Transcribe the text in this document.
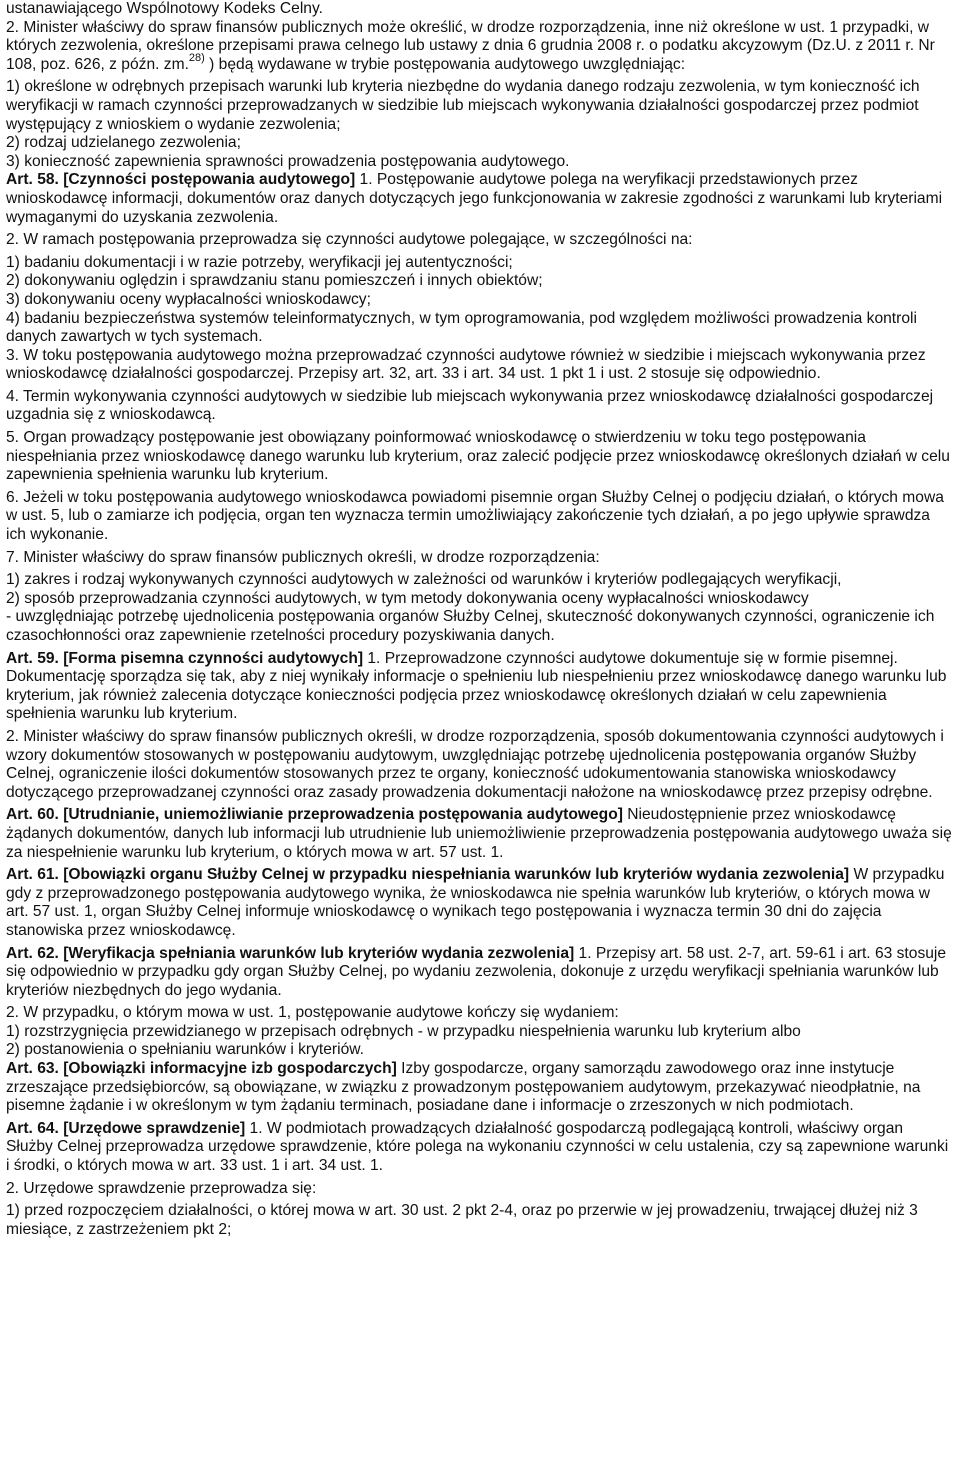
ustanawiającego Wspólnotowy Kodeks Celny.

2. Minister właściwy do spraw finansów publicznych może określić, w drodze rozporządzenia, inne niż określone w ust. 1 przypadki, w których zezwolenia, określone przepisami prawa celnego lub ustawy z dnia 6 grudnia 2008 r. o podatku akcyzowym (Dz.U. z 2011 r. Nr 108, poz. 626, z późn. zm.$^{28)}$ ) będą wydawane w trybie postępowania audytowego uwzględniając:

1) określone w odrębnych przepisach warunki lub kryteria niezbędne do wydania danego rodzaju zezwolenia, w tym konieczność ich weryfikacji w ramach czynności przeprowadzanych w siedzibie lub miejscach wykonywania działalności gospodarczej przez podmiot występujący z wnioskiem o wydanie zezwolenia;

2) rodzaj udzielanego zezwolenia;

3) konieczność zapewnienia sprawności prowadzenia postępowania audytowego.

Art. 58. [Czynności postępowania audytowego] 1. Postępowanie audytowe polega na weryfikacji przedstawionych przez wnioskodawcę informacji, dokumentów oraz danych dotyczących jego funkcjonowania w zakresie zgodności z warunkami lub kryteriami wymaganymi do uzyskania zezwolenia.

2. W ramach postępowania przeprowadza się czynności audytowe polegające, w szczególności na:

1) badaniu dokumentacji i w razie potrzeby, weryfikacji jej autentyczności;

2) dokonywaniu oględzin i sprawdzaniu stanu pomieszczeń i innych obiektów;

3) dokonywaniu oceny wypłacalności wnioskodawcy;

4) badaniu bezpieczeństwa systemów teleinformatycznych, w tym oprogramowania, pod względem możliwości prowadzenia kontroli danych zawartych w tych systemach.

3. W toku postępowania audytowego można przeprowadzać czynności audytowe również w siedzibie i miejscach wykonywania przez wnioskodawcę działalności gospodarczej. Przepisy art. 32, art. 33 i art. 34 ust. 1 pkt 1 i ust. 2 stosuje się odpowiednio.

4. Termin wykonywania czynności audytowych w siedzibie lub miejscach wykonywania przez wnioskodawcę działalności gospodarczej uzgadnia się z wnioskodawcą.

5. Organ prowadzący postępowanie jest obowiązany poinformować wnioskodawcę o stwierdzeniu w toku tego postępowania niespełniania przez wnioskodawcę danego warunku lub kryterium, oraz zalecić podjęcie przez wnioskodawcę określonych działań w celu zapewnienia spełnienia warunku lub kryterium.

6. Jeżeli w toku postępowania audytowego wnioskodawca powiadomi pisemnie organ Służby Celnej o podjęciu działań, o których mowa w ust. 5, lub o zamiarze ich podjęcia, organ ten wyznacza termin umożliwiający zakończenie tych działań, a po jego upływie sprawdza ich wykonanie.

7. Minister właściwy do spraw finansów publicznych określi, w drodze rozporządzenia:

1) zakres i rodzaj wykonywanych czynności audytowych w zależności od warunków i kryteriów podlegających weryfikacji,

2) sposób przeprowadzania czynności audytowych, w tym metody dokonywania oceny wypłacalności wnioskodawcy

- uwzględniając potrzebę ujednolicenia postępowania organów Służby Celnej, skuteczność dokonywanych czynności, ograniczenie ich czasochłonności oraz zapewnienie rzetelności procedury pozyskiwania danych.

Art. 59. [Forma pisemna czynności audytowych] 1. Przeprowadzone czynności audytowe dokumentuje się w formie pisemnej. Dokumentację sporządza się tak, aby z niej wynikały informacje o spełnieniu lub niespełnieniu przez wnioskodawcę danego warunku lub kryterium, jak również zalecenia dotyczące konieczności podjęcia przez wnioskodawcę określonych działań w celu zapewnienia spełnienia warunku lub kryterium.

2. Minister właściwy do spraw finansów publicznych określi, w drodze rozporządzenia, sposób dokumentowania czynności audytowych i wzory dokumentów stosowanych w postępowaniu audytowym, uwzględniając potrzebę ujednolicenia postępowania organów Służby Celnej, ograniczenie ilości dokumentów stosowanych przez te organy, konieczność udokumentowania stanowiska wnioskodawcy dotyczącego przeprowadzanej czynności oraz zasady prowadzenia dokumentacji nałożone na wnioskodawcę przez przepisy odrębne.

Art. 60. [Utrudnianie, uniemożliwianie przeprowadzenia postępowania audytowego] Nieudostępnienie przez wnioskodawcę żądanych dokumentów, danych lub informacji lub utrudnienie lub uniemożliwienie przeprowadzenia postępowania audytowego uważa się za niespełnienie warunku lub kryterium, o których mowa w art. 57 ust. 1.

Art. 61. [Obowiązki organu Służby Celnej w przypadku niespełniania warunków lub kryteriów wydania zezwolenia] W przypadku gdy z przeprowadzonego postępowania audytowego wynika, że wnioskodawca nie spełnia warunków lub kryteriów, o których mowa w art. 57 ust. 1, organ Służby Celnej informuje wnioskodawcę o wynikach tego postępowania i wyznacza termin 30 dni do zajęcia stanowiska przez wnioskodawcę.

Art. 62. [Weryfikacja spełniania warunków lub kryteriów wydania zezwolenia] 1. Przepisy art. 58 ust. 2-7, art. 59-61 i art. 63 stosuje się odpowiednio w przypadku gdy organ Służby Celnej, po wydaniu zezwolenia, dokonuje z urzędu weryfikacji spełniania warunków lub kryteriów niezbędnych do jego wydania.

2. W przypadku, o którym mowa w ust. 1, postępowanie audytowe kończy się wydaniem:

1) rozstrzygnięcia przewidzianego w przepisach odrębnych - w przypadku niespełnienia warunku lub kryterium albo

2) postanowienia o spełnianiu warunków i kryteriów.

Art. 63. [Obowiązki informacyjne izb gospodarczych] Izby gospodarcze, organy samorządu zawodowego oraz inne instytucje zrzeszające przedsiębiorców, są obowiązane, w związku z prowadzonym postępowaniem audytowym, przekazywać nieodpłatnie, na pisemne żądanie i w określonym w tym żądaniu terminach, posiadane dane i informacje o zrzeszonych w nich podmiotach.

Art. 64. [Urzędowe sprawdzenie] 1. W podmiotach prowadzących działalność gospodarczą podlegającą kontroli, właściwy organ Służby Celnej przeprowadza urzędowe sprawdzenie, które polega na wykonaniu czynności w celu ustalenia, czy są zapewnione warunki i środki, o których mowa w art. 33 ust. 1 i art. 34 ust. 1.

2. Urzędowe sprawdzenie przeprowadza się:

1) przed rozpoczęciem działalności, o której mowa w art. 30 ust. 2 pkt 2-4, oraz po przerwie w jej prowadzeniu, trwającej dłużej niż 3 miesiące, z zastrzeżeniem pkt 2;
